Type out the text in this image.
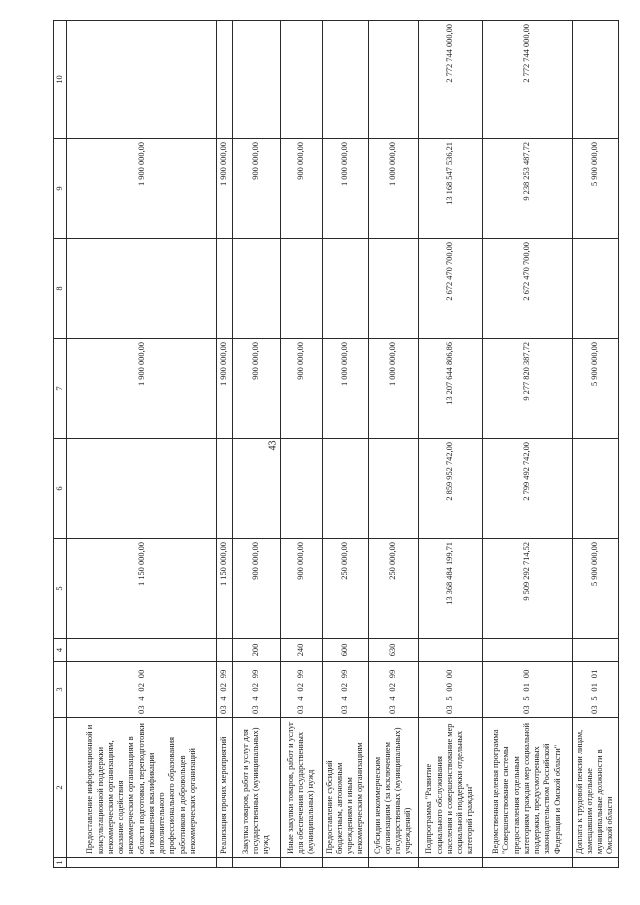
43
1	2	3	4	5	6	7	8	9	10
	Предоставление информационной и консультационной поддержки некоммерческим организациям, оказание содействия некоммерческим организациям в области подготовки, переподготовки и повышения квалификации дополнительного профессионального образования работников и добровольцев некоммерческих организаций	03  4  02  00		1 150 000,00		1 900 000,00		1 900 000,00	
	Реализация прочих мероприятий	03  4  02  99		1 150 000,00		1 900 000,00		1 900 000,00	
	Закупка товаров, работ и услуг для государственных (муниципальных) нужд	03  4  02  99	200	900 000,00		900 000,00		900 000,00	
	Иные закупки товаров, работ и услуг для обеспечения государственных (муниципальных) нужд	03  4  02  99	240	900 000,00		900 000,00		900 000,00	
	Предоставление субсидий бюджетным, автономным учреждениям и иным некоммерческим организациям	03  4  02  99	600	250 000,00		1 000 000,00		1 000 000,00	
	Субсидии некоммерческим организациям (за исключением государственных (муниципальных) учреждений)	03  4  02  99	630	250 000,00		1 000 000,00		1 000 000,00	
	Подпрограмма "Развитие социального обслуживания населения и совершенствование мер социальной поддержки отдельных категорий граждан"	03  5  00  00		13 368 484 199,71	2 859 952 742,00	13 207 644 806,86	2 672 470 700,00	13 168 547 536,21	2 772 744 000,00
	Ведомственная целевая программа "Совершенствование системы предоставления отдельным категориям граждан мер социальной поддержки, предусмотренных законодательством Российской Федерации и Омской области"	03  5  01  00		9 509 292 714,52	2 799 492 742,00	9 277 820 387,72	2 672 470 700,00	9 238 253 487,72	2 772 744 000,00
	Доплата к трудовой пенсии лицам, замещавшим отдельные муниципальные должности в Омской области	03  5  01  01		5 900 000,00		5 900 000,00		5 900 000,00	
